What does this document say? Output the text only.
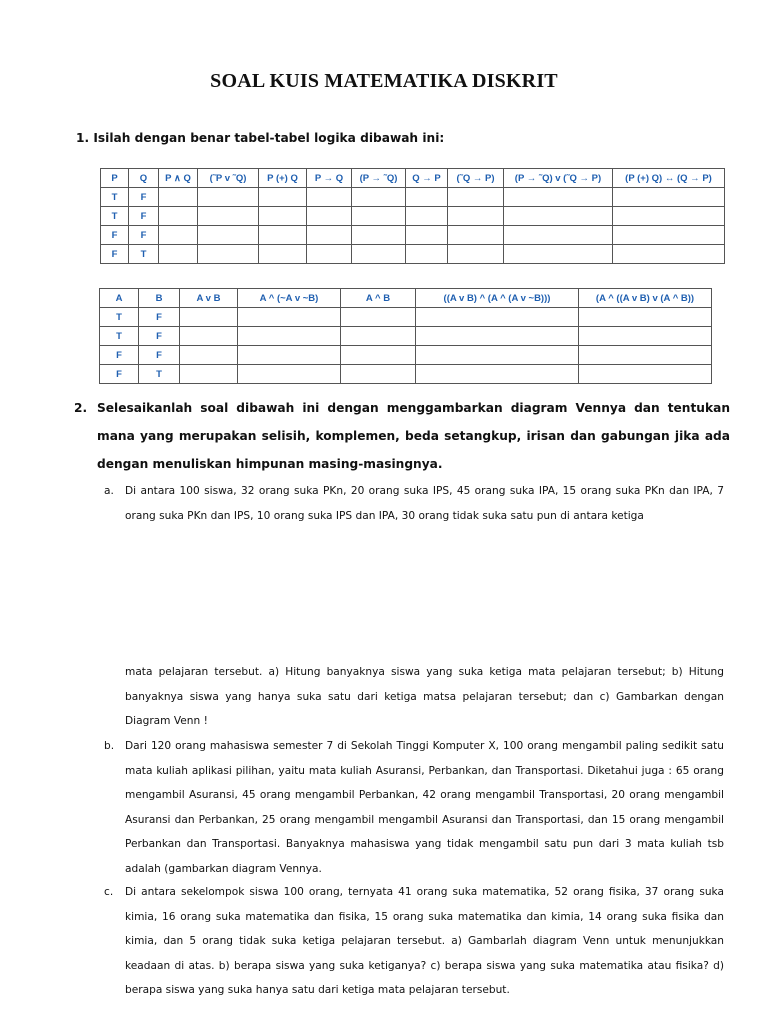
SOAL KUIS MATEMATIKA DISKRIT
1. Isilah dengan benar tabel-tabel logika dibawah ini:
P	Q	P ∧ Q	(˜P v ˜Q)	P (+) Q	P → Q	(P → ˜Q)	Q → P	(˜Q → P)	(P → ˜Q) v (˜Q → P)	(P (+) Q) ↔ (Q → P)
T	F									
T	F									
F	F									
F	T									
A	B	A v B	A ^ (~A v ~B)	A ^ B	((A v B) ^ (A ^ (A v ~B)))	(A ^ ((A v B) v (A ^ B))
T	F					
T	F					
F	F					
F	T					
2. Selesaikanlah soal dibawah ini dengan menggambarkan diagram Vennya dan tentukan mana yang merupakan selisih, komplemen, beda setangkup, irisan dan gabungan jika ada dengan menuliskan himpunan masing-masingnya.
a.	Di antara 100 siswa, 32 orang suka PKn, 20 orang suka IPS, 45 orang suka IPA, 15 orang suka PKn dan IPA, 7 orang suka PKn dan IPS, 10 orang suka IPS dan IPA, 30 orang tidak suka satu pun di antara ketiga
mata pelajaran tersebut. a) Hitung banyaknya siswa yang suka ketiga mata pelajaran tersebut; b) Hitung banyaknya siswa yang hanya suka satu dari ketiga matsa pelajaran tersebut; dan c) Gambarkan dengan Diagram Venn !
b.	Dari 120 orang mahasiswa semester 7 di Sekolah Tinggi Komputer X, 100 orang mengambil paling sedikit satu mata kuliah aplikasi pilihan, yaitu mata kuliah Asuransi, Perbankan, dan Transportasi. Diketahui juga : 65 orang mengambil Asuransi, 45 orang mengambil Perbankan, 42 orang mengambil Transportasi, 20 orang mengambil Asuransi dan Perbankan, 25 orang mengambil mengambil Asuransi dan Transportasi, dan 15 orang mengambil Perbankan dan Transportasi. Banyaknya mahasiswa yang tidak mengambil satu pun dari 3 mata kuliah tsb adalah (gambarkan diagram Vennya.
c.	Di antara sekelompok siswa 100 orang, ternyata 41 orang suka matematika, 52 orang fisika, 37 orang suka kimia, 16 orang suka matematika dan fisika, 15 orang suka matematika dan kimia, 14 orang suka fisika dan kimia, dan 5 orang tidak suka ketiga pelajaran tersebut. a) Gambarlah diagram Venn untuk menunjukkan keadaan di atas. b) berapa siswa yang suka ketiganya? c) berapa siswa yang suka matematika atau fisika? d) berapa siswa yang suka hanya satu dari ketiga mata pelajaran tersebut.
